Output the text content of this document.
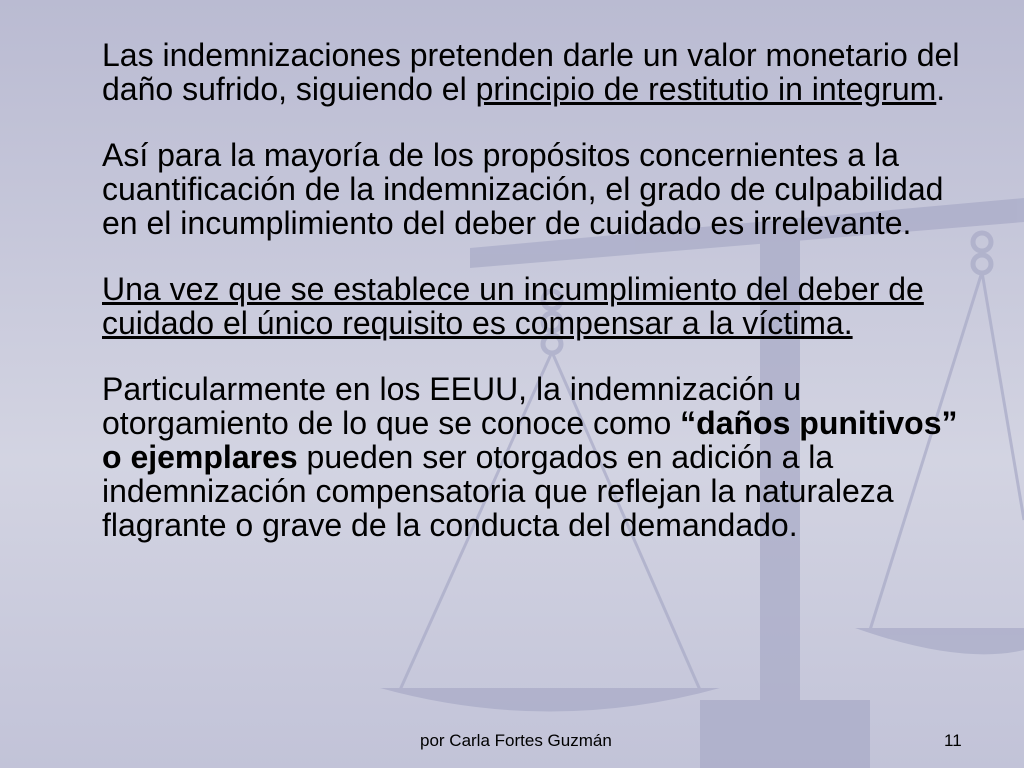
Las indemnizaciones pretenden darle un valor monetario del daño sufrido, siguiendo el principio de restitutio in integrum.

Así para la mayoría de los propósitos concernientes a la cuantificación de la indemnización, el grado de culpabilidad en el incumplimiento del deber de cuidado es irrelevante.

Una vez que se establece un incumplimiento del deber de cuidado el único requisito es compensar a la víctima.

Particularmente en los EEUU, la indemnización u otorgamiento de lo que se conoce como “daños punitivos” o ejemplares pueden ser otorgados en adición a la indemnización compensatoria que reflejan la naturaleza flagrante o grave de la conducta del demandado.

por Carla Fortes Guzmán	11
